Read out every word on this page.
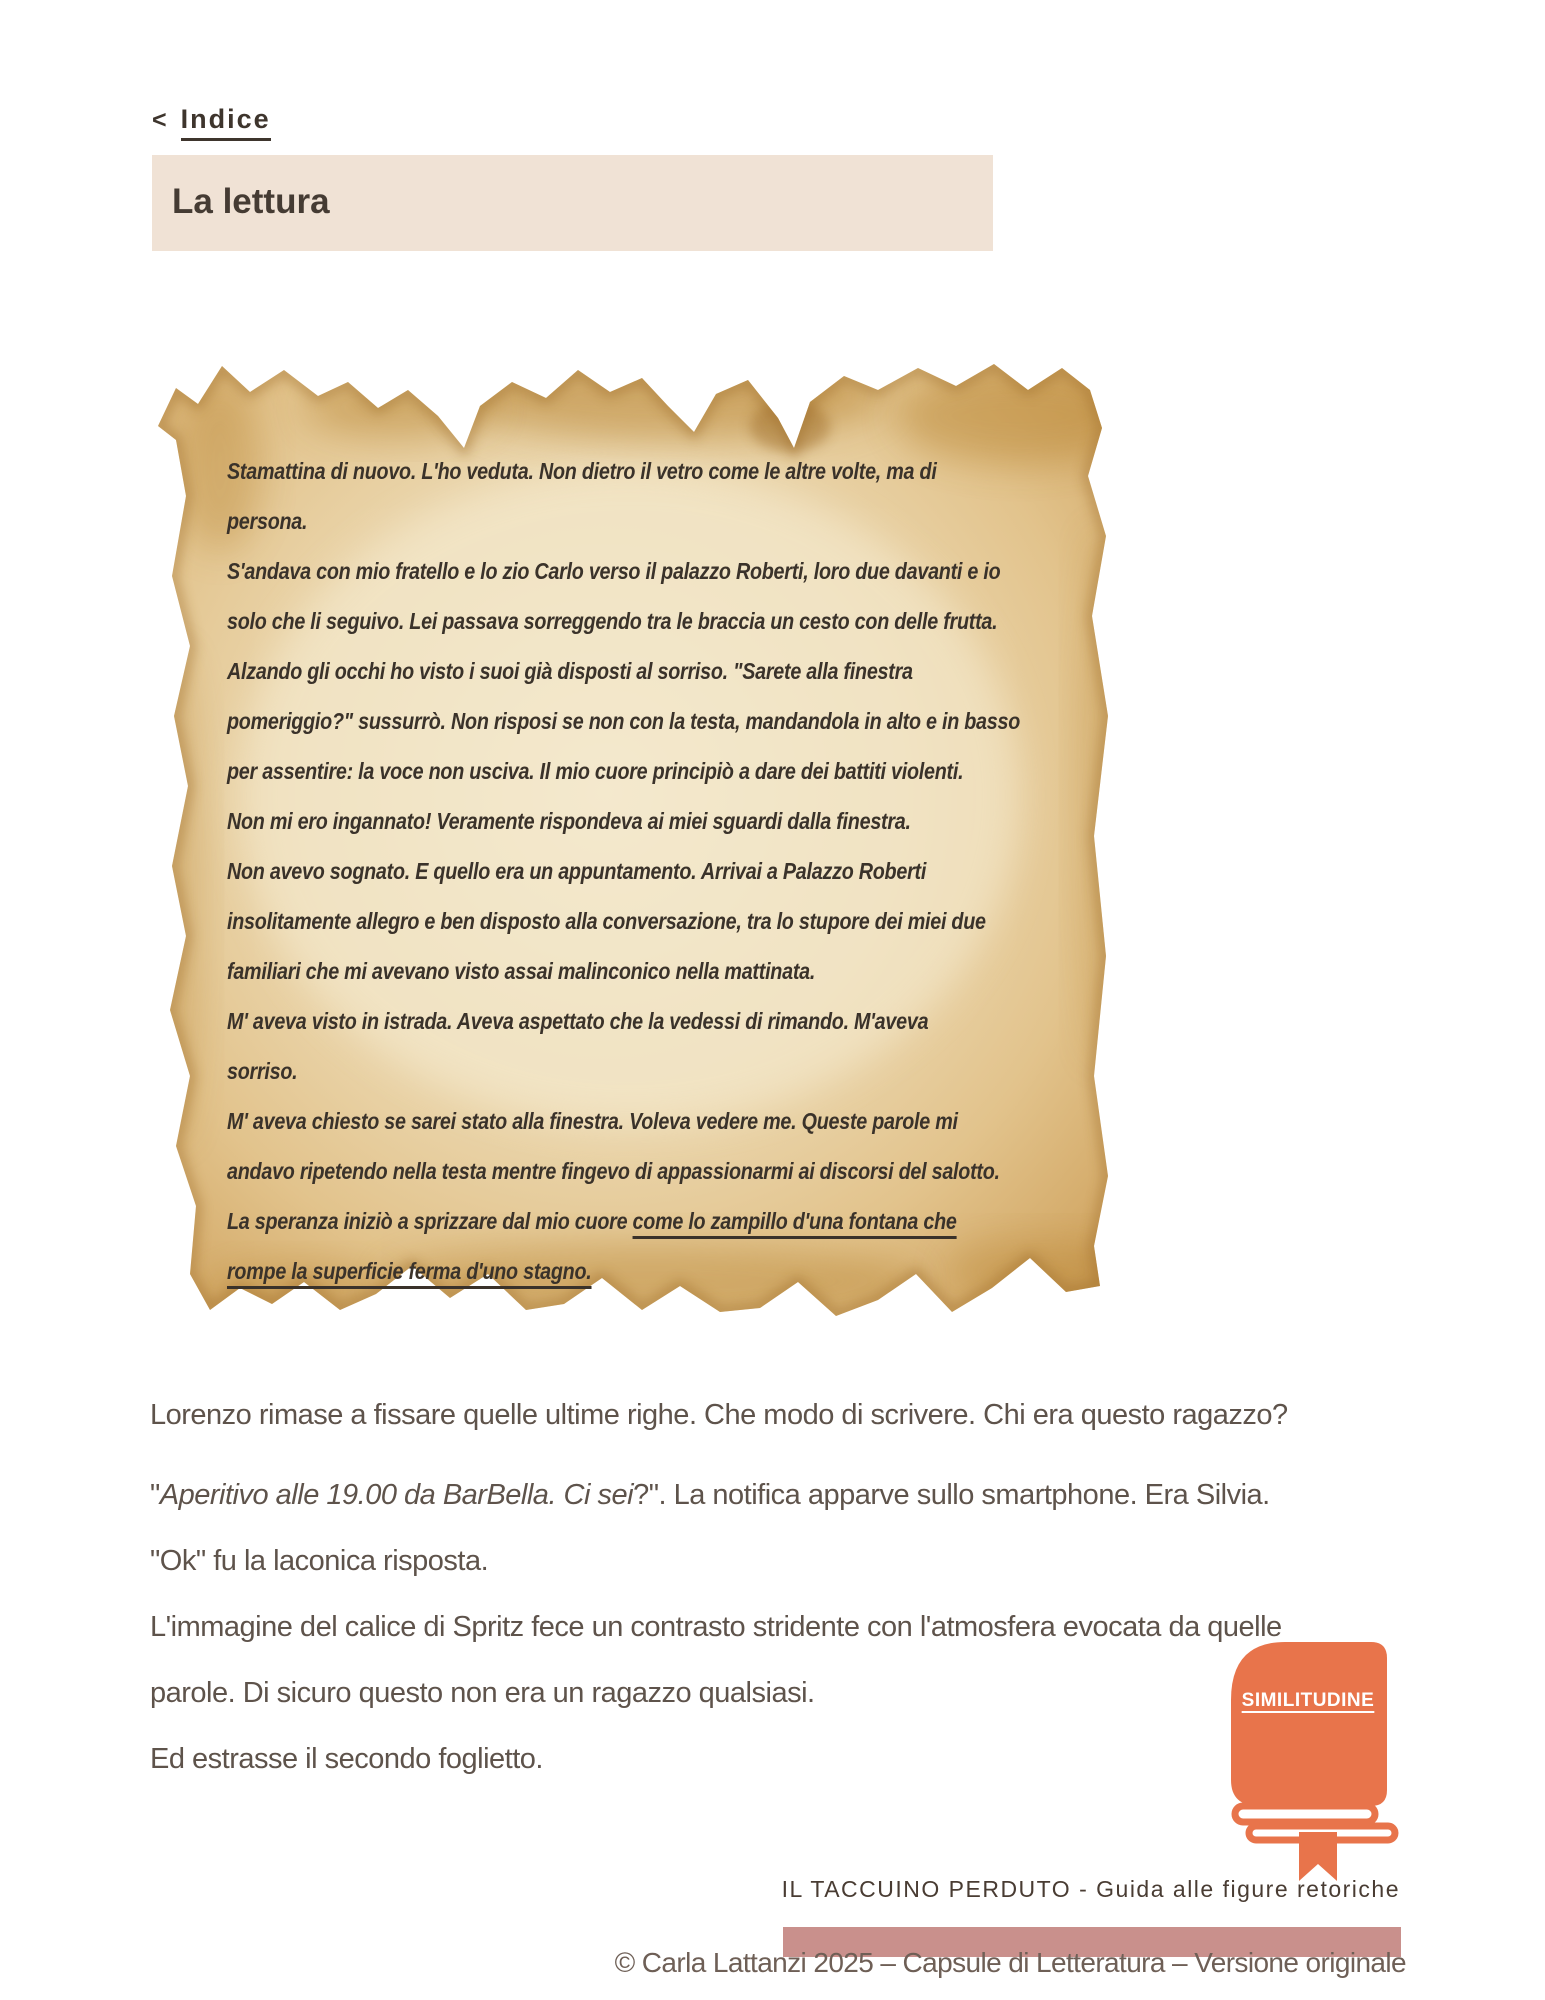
< Indice
La lettura
Stamattina di nuovo. L'ho veduta. Non dietro il vetro come le altre volte, ma di
persona.
S'andava con mio fratello e lo zio Carlo verso il palazzo Roberti, loro due davanti e io
solo che li seguivo. Lei passava sorreggendo tra le braccia un cesto con delle frutta.
Alzando gli occhi ho visto i suoi già disposti al sorriso. "Sarete alla finestra
pomeriggio?" sussurrò. Non risposi se non con la testa, mandandola in alto e in basso
per assentire: la voce non usciva. Il mio cuore principiò a dare dei battiti violenti.
Non mi ero ingannato! Veramente rispondeva ai miei sguardi dalla finestra.
Non avevo sognato. E quello era un appuntamento. Arrivai a Palazzo Roberti
insolitamente allegro e ben disposto alla conversazione, tra lo stupore dei miei due
familiari che mi avevano visto assai malinconico nella mattinata.
M' aveva visto in istrada. Aveva aspettato che la vedessi di rimando. M'aveva
sorriso.
M' aveva chiesto se sarei stato alla finestra. Voleva vedere me. Queste parole mi
andavo ripetendo nella testa mentre fingevo di appassionarmi ai discorsi del salotto.
La speranza iniziò a sprizzare dal mio cuore come lo zampillo d'una fontana che
rompe la superficie ferma d'uno stagno.

Lorenzo rimase a fissare quelle ultime righe. Che modo di scrivere. Chi era questo ragazzo?

"Aperitivo alle 19.00 da BarBella. Ci sei?". La notifica apparve sullo smartphone. Era Silvia.
"Ok" fu la laconica risposta.
L'immagine del calice di Spritz fece un contrasto stridente con l'atmosfera evocata da quelle
parole. Di sicuro questo non era un ragazzo qualsiasi.
Ed estrasse il secondo foglietto.

SIMILITUDINE
IL TACCUINO PERDUTO - Guida alle figure retoriche
© Carla Lattanzi 2025 – Capsule di Letteratura – Versione originale
